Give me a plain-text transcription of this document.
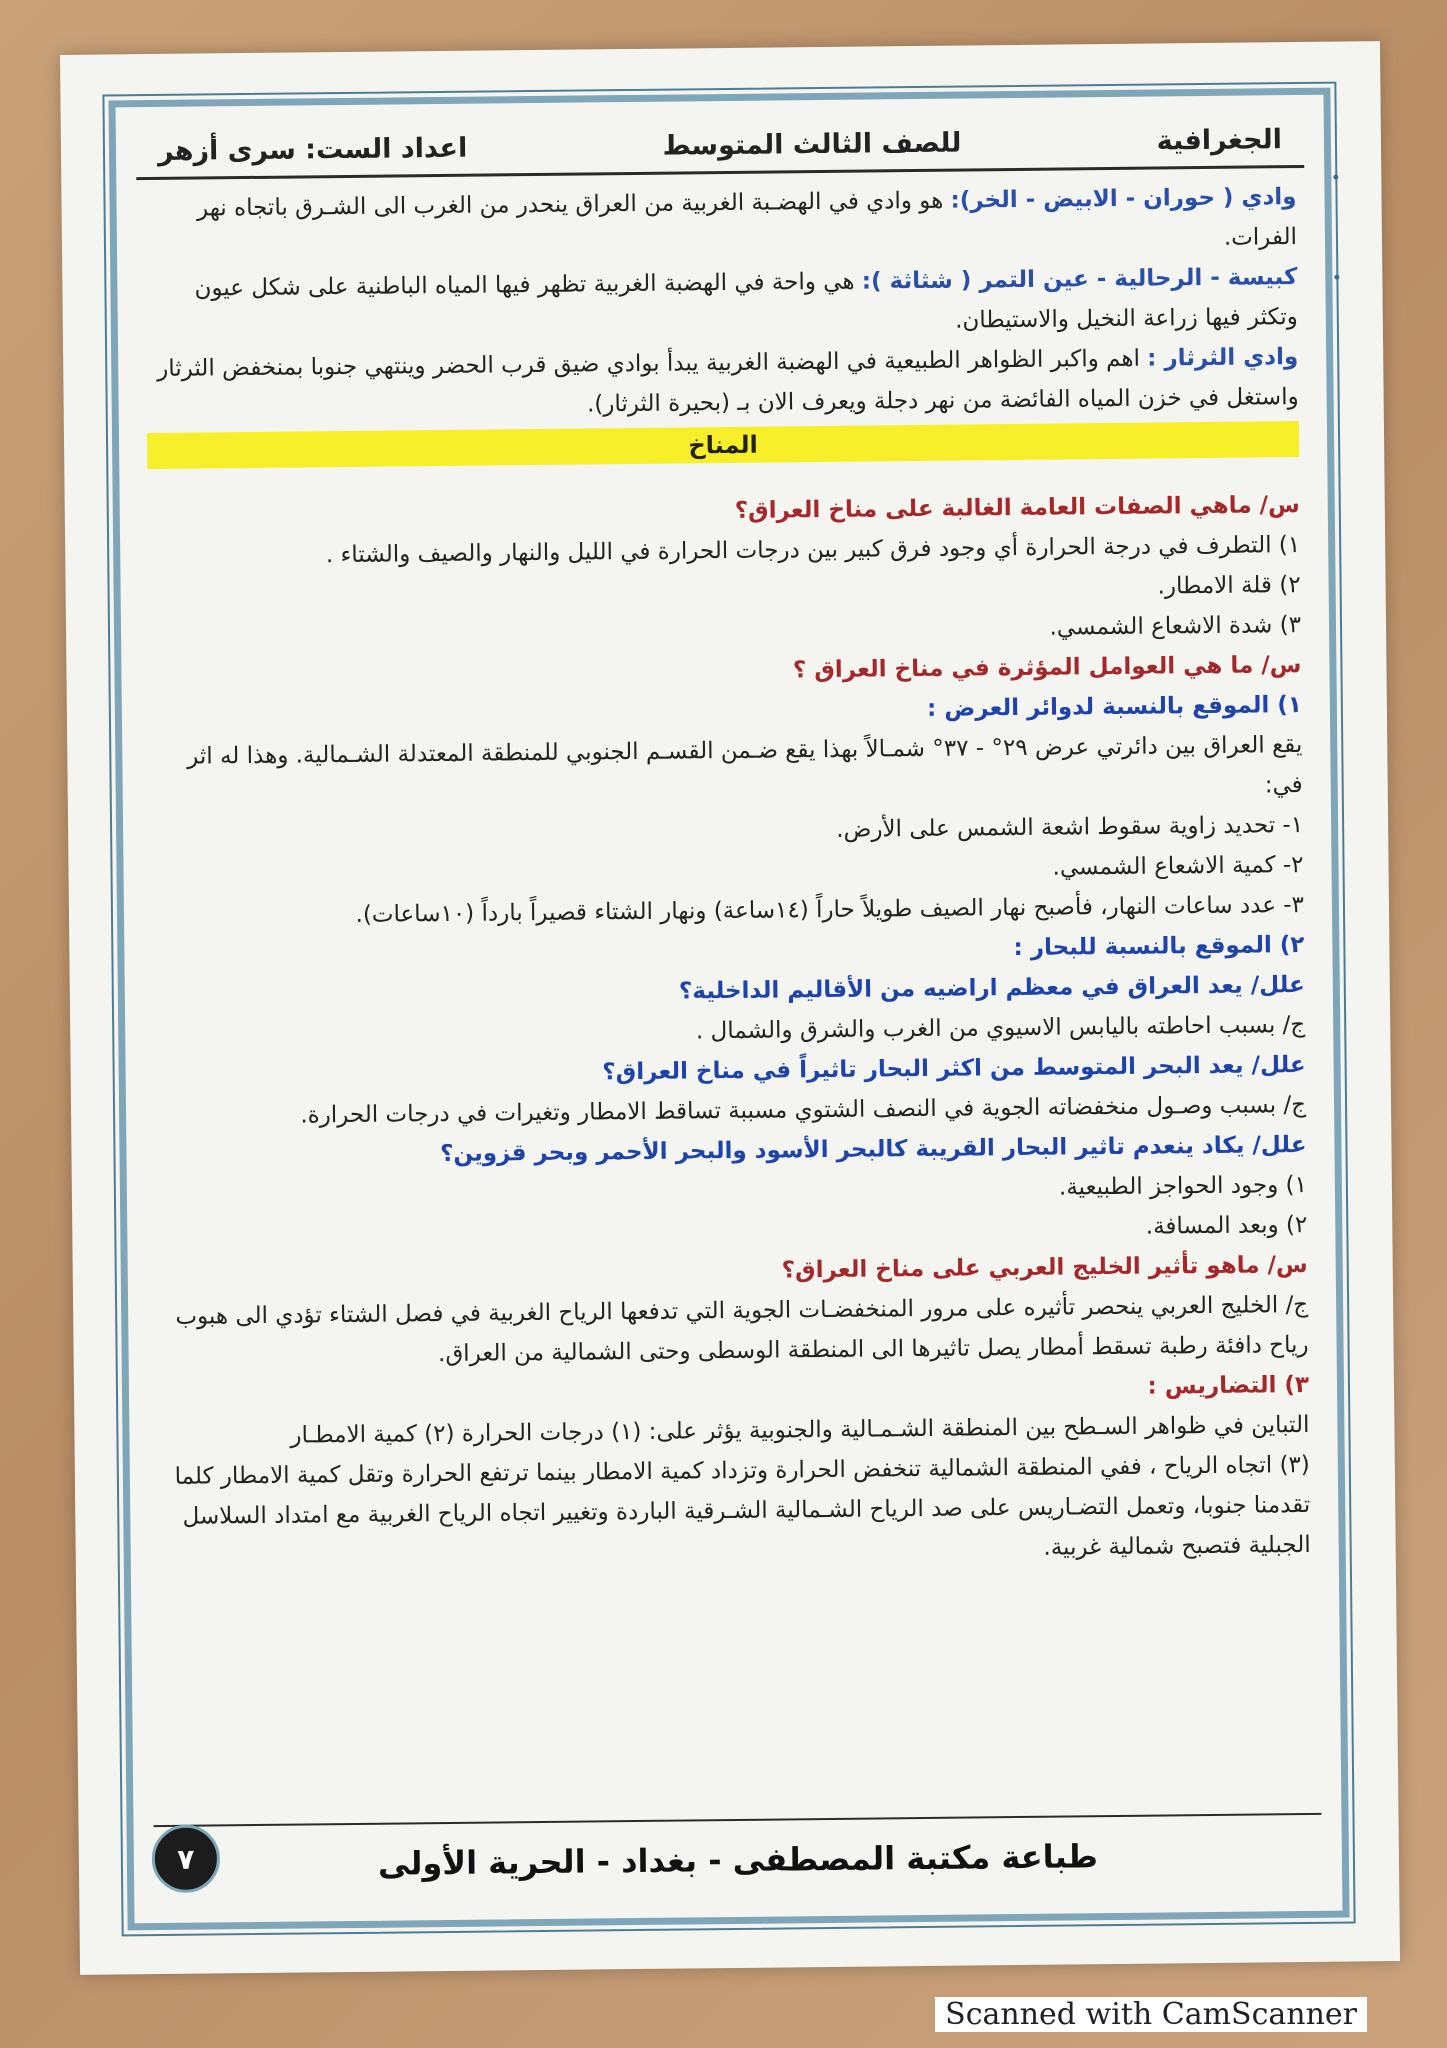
الجغرافية
للصف الثالث المتوسط
اعداد الست: سرى أزهر

وادي ( حوران - الابيض - الخر): هو وادي في الهضـبة الغربية من العراق ينحدر من الغرب الى الشـرق باتجاه نهر الفرات.

كبيسة - الرحالية - عين التمر ( شثاثة ): هي واحة في الهضبة الغربية تظهر فيها المياه الباطنية على شكل عيون وتكثر فيها زراعة النخيل والاستيطان.

وادي الثرثار : اهم واكبر الظواهر الطبيعية في الهضبة الغربية يبدأ بوادي ضيق قرب الحضر وينتهي جنوبا بمنخفض الثرثار واستغل في خزن المياه الفائضة من نهر دجلة ويعرف الان بـ (بحيرة الثرثار).

المناخ

س/ ماهي الصفات العامة الغالبة على مناخ العراق؟

١) التطرف في درجة الحرارة أي وجود فرق كبير بين درجات الحرارة في الليل والنهار والصيف والشتاء .

٢) قلة الامطار.

٣) شدة الاشعاع الشمسي.

س/ ما هي العوامل المؤثرة في مناخ العراق ؟

١) الموقع بالنسبة لدوائر العرض :

يقع العراق بين دائرتي عرض ٢٩° - ٣٧° شمـالاً بهذا يقع ضـمن القسـم الجنوبي للمنطقة المعتدلة الشـمالية. وهذا له اثر في:

١- تحديد زاوية سقوط اشعة الشمس على الأرض.

٢- كمية الاشعاع الشمسي.

٣- عدد ساعات النهار، فأصبح نهار الصيف طويلاً حاراً (١٤ساعة) ونهار الشتاء قصيراً بارداً (١٠ساعات).

٢) الموقع بالنسبة للبحار :

علل/ يعد العراق في معظم اراضيه من الأقاليم الداخلية؟

ج/ بسبب احاطته باليابس الاسيوي من الغرب والشرق والشمال .

علل/ يعد البحر المتوسط من اكثر البحار تاثيراً في مناخ العراق؟

ج/ بسبب وصـول منخفضاته الجوية في النصف الشتوي مسببة تساقط الامطار وتغيرات في درجات الحرارة.

علل/ يكاد ينعدم تاثير البحار القريبة كالبحر الأسود والبحر الأحمر وبحر قزوين؟

١) وجود الحواجز الطبيعية.

٢) وبعد المسافة.

س/ ماهو تأثير الخليج العربي على مناخ العراق؟

ج/ الخليج العربي ينحصر تأثيره على مرور المنخفضـات الجوية التي تدفعها الرياح الغربية في فصل الشتاء تؤدي الى هبوب رياح دافئة رطبة تسقط أمطار يصل تاثيرها الى المنطقة الوسطى وحتى الشمالية من العراق.

٣) التضاريس :

التباين في ظواهر السـطح بين المنطقة الشـمـالية والجنوبية يؤثر على: (١) درجات الحرارة (٢) كمية الامطـار

(٣) اتجاه الرياح ، ففي المنطقة الشمالية تنخفض الحرارة وتزداد كمية الامطار بينما ترتفع الحرارة وتقل كمية الامطار كلما تقدمنا جنوبا، وتعمل التضـاريس على صد الرياح الشـمالية الشـرقية الباردة وتغيير اتجاه الرياح الغربية مع امتداد السلاسل الجبلية فتصبح شمالية غربية.

طباعة مكتبة المصطفى - بغداد - الحرية الأولى
٧
Scanned with CamScanner
